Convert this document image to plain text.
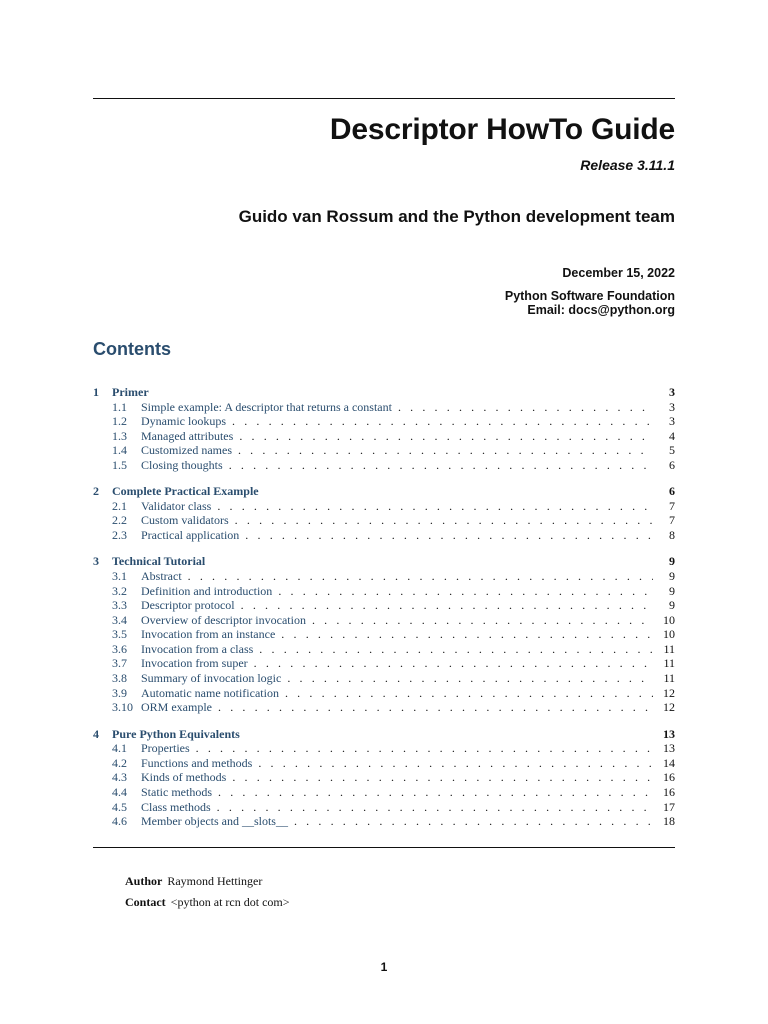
Descriptor HowTo Guide
Release 3.11.1
Guido van Rossum and the Python development team
December 15, 2022
Python Software Foundation
Email: docs@python.org
Contents
1	Primer	3
1.1	Simple example: A descriptor that returns a constant . . .	3
1.2	Dynamic lookups . . .	3
1.3	Managed attributes . . .	4
1.4	Customized names . . .	5
1.5	Closing thoughts . . .	6
2	Complete Practical Example	6
2.1	Validator class . . .	7
2.2	Custom validators . . .	7
2.3	Practical application . . .	8
3	Technical Tutorial	9
3.1	Abstract . . .	9
3.2	Definition and introduction . . .	9
3.3	Descriptor protocol . . .	9
3.4	Overview of descriptor invocation . . .	10
3.5	Invocation from an instance . . .	10
3.6	Invocation from a class . . .	11
3.7	Invocation from super . . .	11
3.8	Summary of invocation logic . . .	11
3.9	Automatic name notification . . .	12
3.10 ORM example . . .	12
4	Pure Python Equivalents	13
4.1	Properties . . .	13
4.2	Functions and methods . . .	14
4.3	Kinds of methods . . .	16
4.4	Static methods . . .	16
4.5	Class methods . . .	17
4.6	Member objects and __slots__ . . .	18
Author Raymond Hettinger
Contact <python at rcn dot com>
1
